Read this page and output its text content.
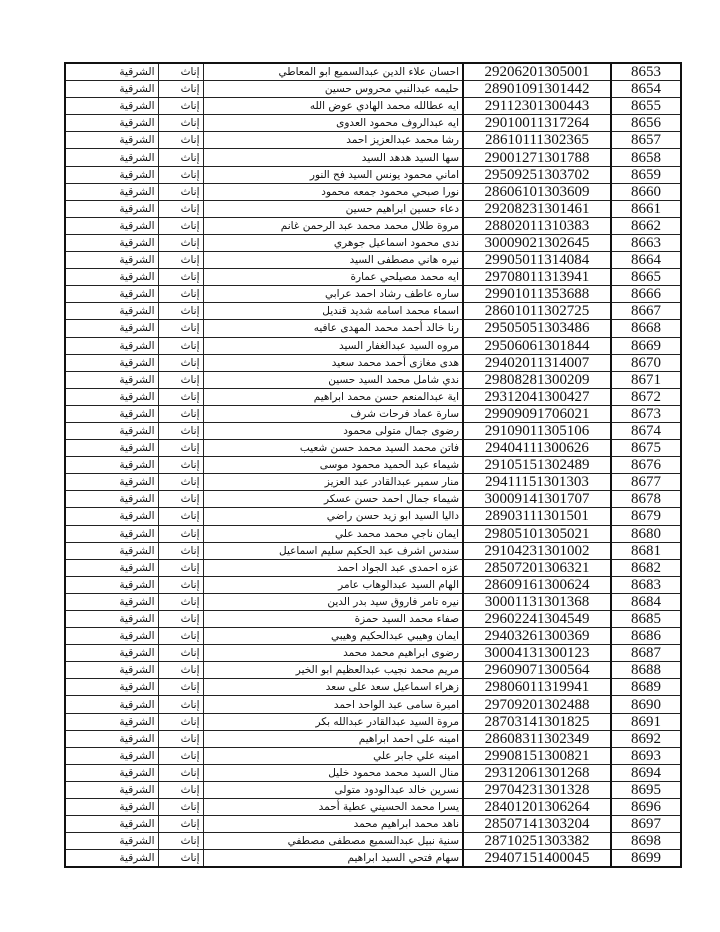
الشرقية	إناث	احسان علاء الدين عبدالسميع ابو المعاطي	29206201305001	8653
الشرقية	إناث	حليمه عبدالنبي محروس حسين	28901091301442	8654
الشرقية	إناث	ايه عطالله محمد الهادي عوض الله	29112301300443	8655
الشرقية	إناث	ايه عبدالروف محمود العدوى	29010011317264	8656
الشرقية	إناث	رشا محمد عبدالعزيز احمد	28610111302365	8657
الشرقية	إناث	سها السيد هدهد السيد	29001271301788	8658
الشرقية	إناث	اماني محمود يونس السيد فح النور	29509251303702	8659
الشرقية	إناث	نورا صبحي محمود جمعه محمود	28606101303609	8660
الشرقية	إناث	دعاء حسين ابراهيم حسين	29208231301461	8661
الشرقية	إناث	مروة طلال محمد محمد عبد الرحمن غانم	28802011310383	8662
الشرقية	إناث	ندى محمود اسماعيل جوهري	30009021302645	8663
الشرقية	إناث	نيره هاني مصطفى السيد	29905011314084	8664
الشرقية	إناث	ايه محمد مصيلحي عمارة	29708011313941	8665
الشرقية	إناث	ساره عاطف رشاد احمد عرابي	29901011353688	8666
الشرقية	إناث	اسماء محمد اسامه شديد قنديل	28601011302725	8667
الشرقية	إناث	رنا خالد أحمد محمد المهدى عافيه	29505051303486	8668
الشرقية	إناث	مروه السيد عبدالغفار السيد	29506061301844	8669
الشرقية	إناث	هدى مغازى أحمد محمد سعيد	29402011314007	8670
الشرقية	إناث	ندي شامل محمد السيد حسين	29808281300209	8671
الشرقية	إناث	اية عبدالمنعم حسن محمد ابراهيم	29312041300427	8672
الشرقية	إناث	سارة عماد فرحات شرف	29909091706021	8673
الشرقية	إناث	رضوى جمال متولى محمود	29109011305106	8674
الشرقية	إناث	فاتن محمد السيد محمد حسن شعيب	29404111300626	8675
الشرقية	إناث	شيماء عبد الحميد محمود موسى	29105151302489	8676
الشرقية	إناث	منار سمير عبدالقادر عبد العزيز	29411151301303	8677
الشرقية	إناث	شيماء جمال احمد حسن عسكر	30009141301707	8678
الشرقية	إناث	داليا السيد ابو زيد حسن راضي	28903111301501	8679
الشرقية	إناث	ايمان ناجي محمد محمد علي	29805101305021	8680
الشرقية	إناث	سندس اشرف عبد الحكيم سليم اسماعيل	29104231301002	8681
الشرقية	إناث	عزه احمدى عبد الجواد احمد	28507201306321	8682
الشرقية	إناث	الهام السيد عبدالوهاب عامر	28609161300624	8683
الشرقية	إناث	نيره تامر فاروق سيد بدر الدين	30001131301368	8684
الشرقية	إناث	صفاء محمد السيد حمزة	29602241304549	8685
الشرقية	إناث	ايمان وهيبي عبدالحكيم وهيبي	29403261300369	8686
الشرقية	إناث	رضوى ابراهيم محمد محمد	30004131300123	8687
الشرقية	إناث	مريم محمد نجيب عبدالعظيم ابو الخير	29609071300564	8688
الشرقية	إناث	زهراء اسماعيل سعد على سعد	29806011319941	8689
الشرقية	إناث	اميرة سامى عبد الواحد احمد	29709201302488	8690
الشرقية	إناث	مروة السيد عبدالقادر عبدالله بكر	28703141301825	8691
الشرقية	إناث	امينه على احمد ابراهيم	28608311302349	8692
الشرقية	إناث	امينه علي جابر علي	29908151300821	8693
الشرقية	إناث	منال السيد محمد محمود خليل	29312061301268	8694
الشرقية	إناث	نسرين خالد عبدالودود متولى	29704231301328	8695
الشرقية	إناث	يسرا محمد الحسيني عطية أحمد	28401201306264	8696
الشرقية	إناث	ناهد محمد ابراهيم محمد	28507141303204	8697
الشرقية	إناث	سنية نبيل عبدالسميع مصطفى مصطفي	28710251303382	8698
الشرقية	إناث	سهام فتحي السيد ابراهيم	29407151400045	8699
